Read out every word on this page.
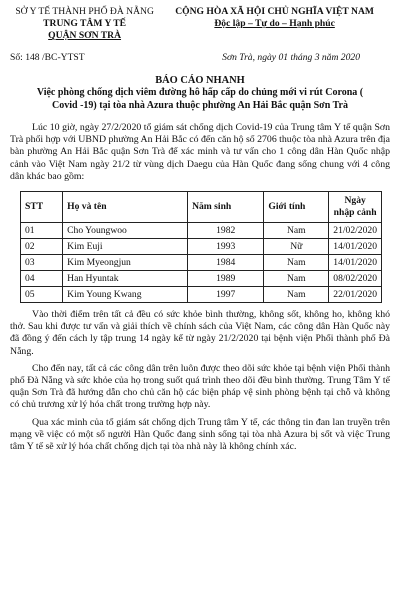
SỞ Y TẾ THÀNH PHỐ ĐÀ NẴNG
TRUNG TÂM Y TẾ
QUẬN SƠN TRÀ
CỘNG HÒA XÃ HỘI CHỦ NGHĨA VIỆT NAM
Độc lập – Tự do – Hạnh phúc
Số: 148 /BC-YTST	Sơn Trà, ngày 01 tháng 3 năm 2020
BÁO CÁO NHANH
Việc phòng chống dịch viêm đường hô hấp cấp do chủng mới vi rút Corona ( Covid -19) tại tòa nhà Azura thuộc phường An Hải Bắc quận Sơn Trà

Lúc 10 giờ, ngày 27/2/2020 tổ giám sát chống dịch Covid-19 của Trung tâm Y tế quận Sơn Trà phối hợp với UBND phường An Hải Bắc có đến căn hộ số 2706 thuộc tòa nhà Azura trên địa bàn phường An Hải Bắc quận Sơn Trà để xác minh và tư vấn cho 1 công dân Hàn Quốc nhập cảnh vào Việt Nam ngày 21/2 từ vùng dịch Daegu của Hàn Quốc đang sống chung với 4 công dân khác bao gồm:

STT	Họ và tên	Năm sinh	Giới tính	Ngày nhập cảnh
01	Cho Youngwoo	1982	Nam	21/02/2020
02	Kim Euji	1993	Nữ	14/01/2020
03	Kim Myeongjun	1984	Nam	14/01/2020
04	Han Hyuntak	1989	Nam	08/02/2020
05	Kim Young Kwang	1997	Nam	22/01/2020

Vào thời điểm trên tất cả đều có sức khỏe bình thường, không sốt, không ho, không khó thở. Sau khi được tư vấn và giải thích về chính sách của Việt Nam, các công dân Hàn Quốc này đã đồng ý đến cách ly tập trung 14 ngày kể từ ngày 21/2/2020 tại bệnh viện Phổi thành phố Đà Nẵng.

Cho đến nay, tất cả các công dân trên luôn được theo dõi sức khỏe tại bệnh viện Phổi thành phố Đà Nẵng và sức khỏe của họ trong suốt quá trình theo dõi đều bình thường. Trung Tâm Y tế quận Sơn Trà đã hướng dẫn cho chủ căn hộ các biện pháp vệ sinh phòng bệnh tại chỗ và không có chủ trương xử lý hóa chất trong trường hợp này.

Qua xác minh của tổ giám sát chống dịch Trung tâm Y tế, các thông tin đan lan truyền trên mạng về việc có một số người Hàn Quốc đang sinh sống tại tòa nhà Azura bị sốt và việc Trung tâm Y tế sẽ xử lý hóa chất chống dịch tại tòa nhà này là không chính xác.
